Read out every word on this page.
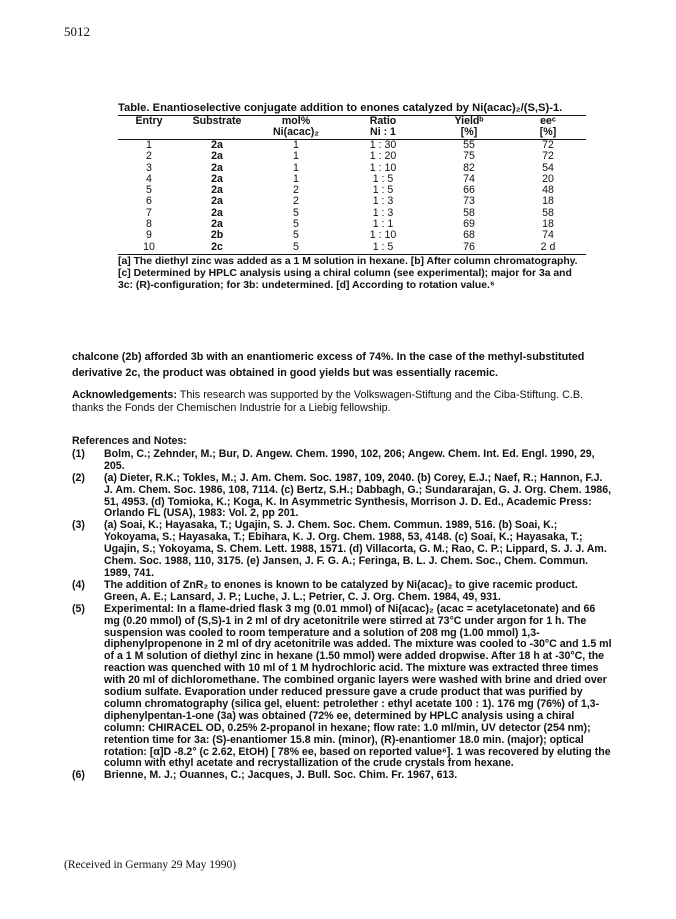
5012
Table. Enantioselective conjugate addition to enones catalyzed by Ni(acac)₂/(S,S)-1.
Entry	Substrate	mol%	Ratio	Yieldᵇ	eeᶜ
		Ni(acac)₂	Ni : 1	[%]	[%]
1	2a	1	1 : 30	55	72
2	2a	1	1 : 20	75	72
3	2a	1	1 : 10	82	54
4	2a	1	1 : 5	74	20
5	2a	2	1 : 5	66	48
6	2a	2	1 : 3	73	18
7	2a	5	1 : 3	58	58
8	2a	5	1 : 1	69	18
9	2b	5	1 : 10	68	74
10	2c	5	1 : 5	76	2 d
[a] The diethyl zinc was added as a 1 M solution in hexane. [b] After column chromatography. [c] Determined by HPLC analysis using a chiral column (see experimental); major for 3a and 3c: (R)-configuration; for 3b: undetermined. [d] According to rotation value.⁶
chalcone (2b) afforded 3b with an enantiomeric excess of 74%. In the case of the methyl-substituted derivative 2c, the product was obtained in good yields but was essentially racemic.
Acknowledgements: This research was supported by the Volkswagen-Stiftung and the Ciba-Stiftung. C.B. thanks the Fonds der Chemischen Industrie for a Liebig fellowship.
References and Notes:
(1)	Bolm, C.; Zehnder, M.; Bur, D. Angew. Chem. 1990, 102, 206; Angew. Chem. Int. Ed. Engl. 1990, 29, 205.
(2)	(a) Dieter, R.K.; Tokles, M.; J. Am. Chem. Soc. 1987, 109, 2040. (b) Corey, E.J.; Naef, R.; Hannon, F.J. J. Am. Chem. Soc. 1986, 108, 7114. (c) Bertz, S.H.; Dabbagh, G.; Sundararajan, G. J. Org. Chem. 1986, 51, 4953. (d) Tomioka, K.; Koga, K. In Asymmetric Synthesis, Morrison J. D. Ed., Academic Press: Orlando FL (USA), 1983: Vol. 2, pp 201.
(3)	(a) Soai, K.; Hayasaka, T.; Ugajin, S. J. Chem. Soc. Chem. Commun. 1989, 516. (b) Soai, K.; Yokoyama, S.; Hayasaka, T.; Ebihara, K. J. Org. Chem. 1988, 53, 4148. (c) Soai, K.; Hayasaka, T.; Ugajin, S.; Yokoyama, S. Chem. Lett. 1988, 1571. (d) Villacorta, G. M.; Rao, C. P.; Lippard, S. J. J. Am. Chem. Soc. 1988, 110, 3175. (e) Jansen, J. F. G. A.; Feringa, B. L. J. Chem. Soc., Chem. Commun. 1989, 741.
(4)	The addition of ZnR₂ to enones is known to be catalyzed by Ni(acac)₂ to give racemic product. Green, A. E.; Lansard, J. P.; Luche, J. L.; Petrier, C. J. Org. Chem. 1984, 49, 931.
(5)	Experimental: In a flame-dried flask 3 mg (0.01 mmol) of Ni(acac)₂ (acac = acetylacetonate) and 66 mg (0.20 mmol) of (S,S)-1 in 2 ml of dry acetonitrile were stirred at 73°C under argon for 1 h. The suspension was cooled to room temperature and a solution of 208 mg (1.00 mmol) 1,3-diphenylpropenone in 2 ml of dry acetonitrile was added. The mixture was cooled to -30°C and 1.5 ml of a 1 M solution of diethyl zinc in hexane (1.50 mmol) were added dropwise. After 18 h at -30°C, the reaction was quenched with 10 ml of 1 M hydrochloric acid. The mixture was extracted three times with 20 ml of dichloromethane. The combined organic layers were washed with brine and dried over sodium sulfate. Evaporation under reduced pressure gave a crude product that was purified by column chromatography (silica gel, eluent: petrolether : ethyl acetate 100 : 1). 176 mg (76%) of 1,3-diphenylpentan-1-one (3a) was obtained (72% ee, determined by HPLC analysis using a chiral column: CHIRACEL OD, 0.25% 2-propanol in hexane; flow rate: 1.0 ml/min, UV detector (254 nm); retention time for 3a: (S)-enantiomer 15.8 min. (minor), (R)-enantiomer 18.0 min. (major); optical rotation: [α]D -8.2° (c 2.62, EtOH) [ 78% ee, based on reported value⁶]. 1 was recovered by eluting the column with ethyl acetate and recrystallization of the crude crystals from hexane.
(6)	Brienne, M. J.; Ouannes, C.; Jacques, J. Bull. Soc. Chim. Fr. 1967, 613.
(Received in Germany 29 May 1990)
